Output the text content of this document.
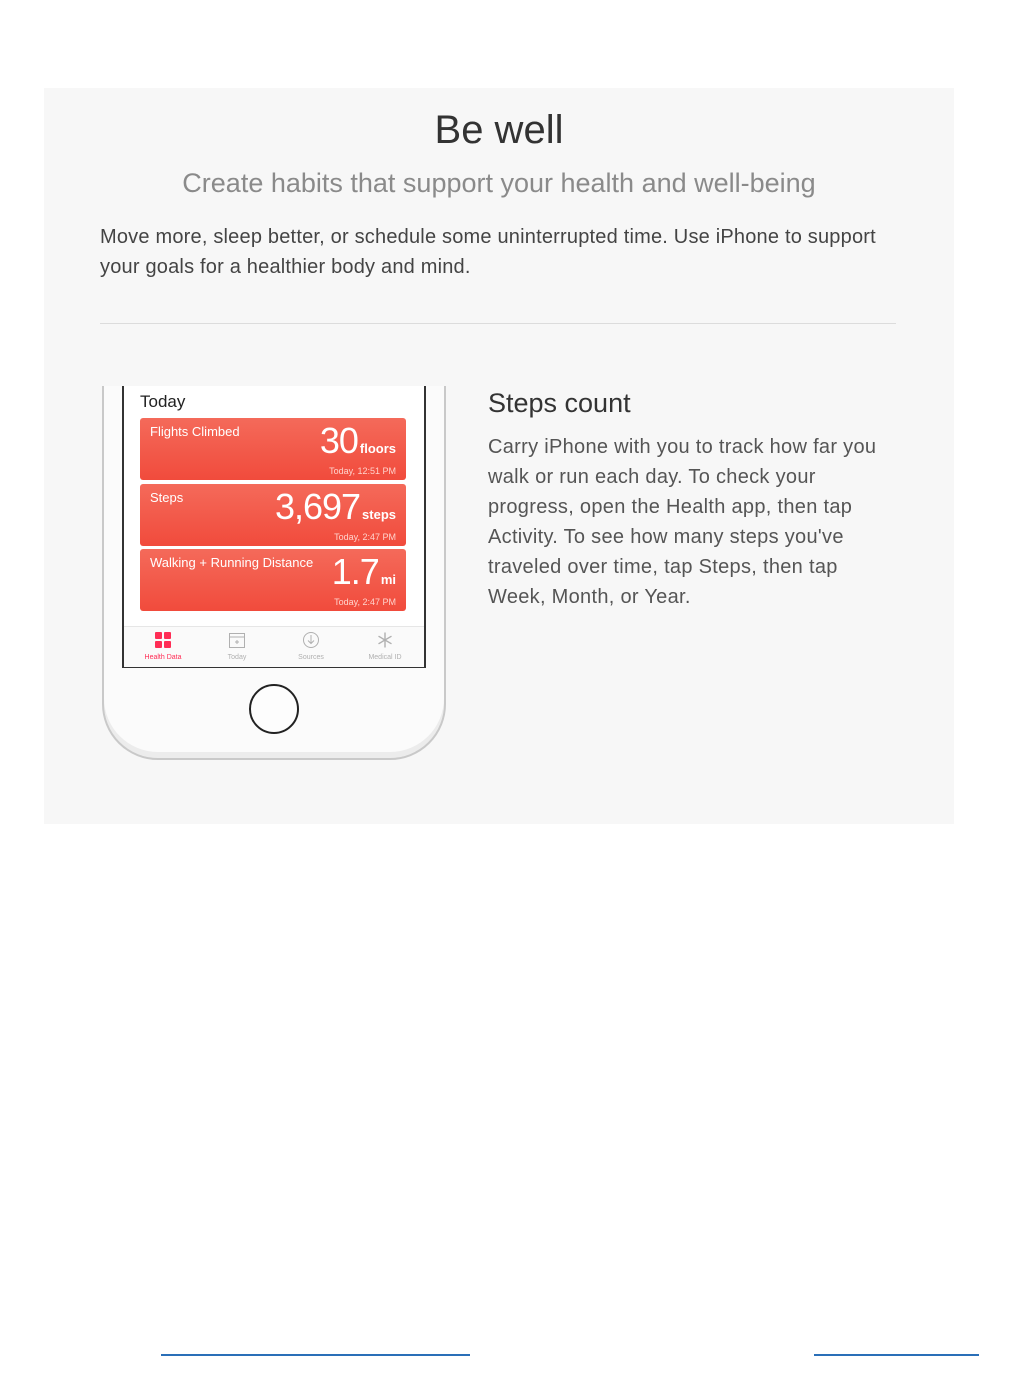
Be well
Create habits that support your health and well-being
Move more, sleep better, or schedule some uninterrupted time. Use iPhone to support your goals for a healthier body and mind.
Today
Flights Climbed 30 floors
Today, 12:51 PM
Steps	3,697 steps
Today, 2:47 PM
Walking + Running Distance 1.7 mi
Today, 2:47 PM
Health Data	Today	Sources	Medical ID
Steps count
Carry iPhone with you to track how far you walk or run each day. To check your progress, open the Health app, then tap Activity. To see how many steps you've traveled over time, tap Steps, then tap Week, Month, or Year.
